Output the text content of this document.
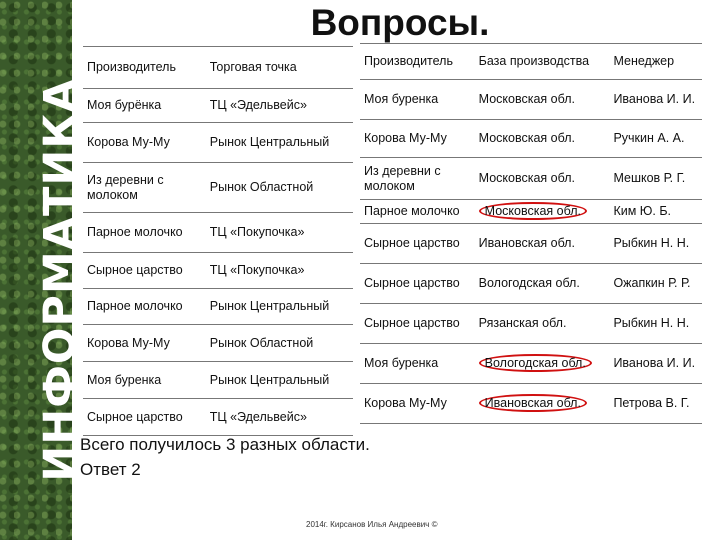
ИНФОРМАТИКА
Вопросы.
Производитель	Торговая точка
Моя бурёнка	ТЦ «Эдельвейс»
Корова Му-Му	Рынок Центральный
Из деревни с молоком	Рынок Областной
Парное молочко	ТЦ «Покупочка»
Сырное царство	ТЦ «Покупочка»
Парное молочко	Рынок Центральный
Корова Му-Му	Рынок Областной
Моя буренка	Рынок Центральный
Сырное царство	ТЦ «Эдельвейс»
Производитель	База производства	Менеджер
Моя буренка	Московская обл.	Иванова И. И.
Корова Му-Му	Московская обл.	Ручкин А. А.
Из деревни с молоком	Московская обл.	Мешков Р. Г.
Парное молочко	Московская обл.	Ким Ю. Б.
Сырное царство	Ивановская обл.	Рыбкин Н. Н.
Сырное царство	Вологодская обл.	Ожапкин Р. Р.
Сырное царство	Рязанская обл.	Рыбкин Н. Н.
Моя буренка	Вологодская обл.	Иванова И. И.
Корова Му-Му	Ивановская обл.	Петрова В. Г.
Всего получилось 3 разных области.
Ответ 2
2014г. Кирсанов Илья Андреевич ©
